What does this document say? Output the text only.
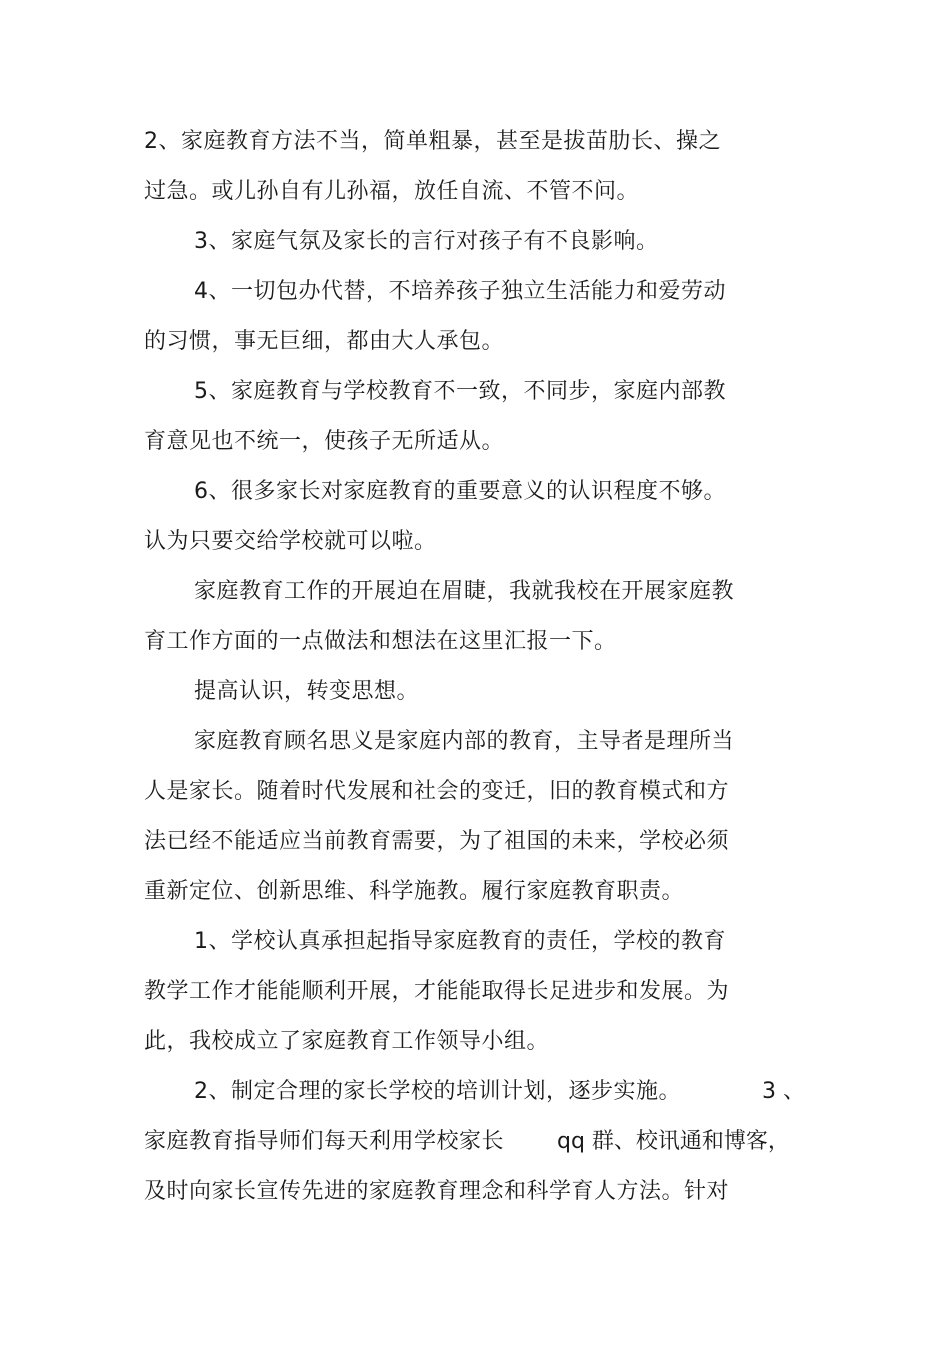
2、家庭教育方法不当，简单粗暴，甚至是拔苗肋长、操之
过急。或儿孙自有儿孙福，放任自流、不管不问。
3、家庭气氛及家长的言行对孩子有不良影响。
4、一切包办代替，不培养孩子独立生活能力和爱劳动
的习惯，事无巨细，都由大人承包。
5、家庭教育与学校教育不一致，不同步，家庭内部教
育意见也不统一，使孩子无所适从。
6、很多家长对家庭教育的重要意义的认识程度不够。
认为只要交给学校就可以啦。
家庭教育工作的开展迫在眉睫，我就我校在开展家庭教
育工作方面的一点做法和想法在这里汇报一下。
提高认识，转变思想。
家庭教育顾名思义是家庭内部的教育，主导者是理所当
人是家长。随着时代发展和社会的变迁，旧的教育模式和方
法已经不能适应当前教育需要，为了祖国的未来，学校必须
重新定位、创新思维、科学施教。履行家庭教育职责。
1、学校认真承担起指导家庭教育的责任，学校的教育
教学工作才能能顺利开展，才能能取得长足进步和发展。为
此，我校成立了家庭教育工作领导小组。
2、制定合理的家长学校的培训计划，逐步实施。	3 、
家庭教育指导师们每天利用学校家长 qq 群、校讯通和博客，
及时向家长宣传先进的家庭教育理念和科学育人方法。针对
